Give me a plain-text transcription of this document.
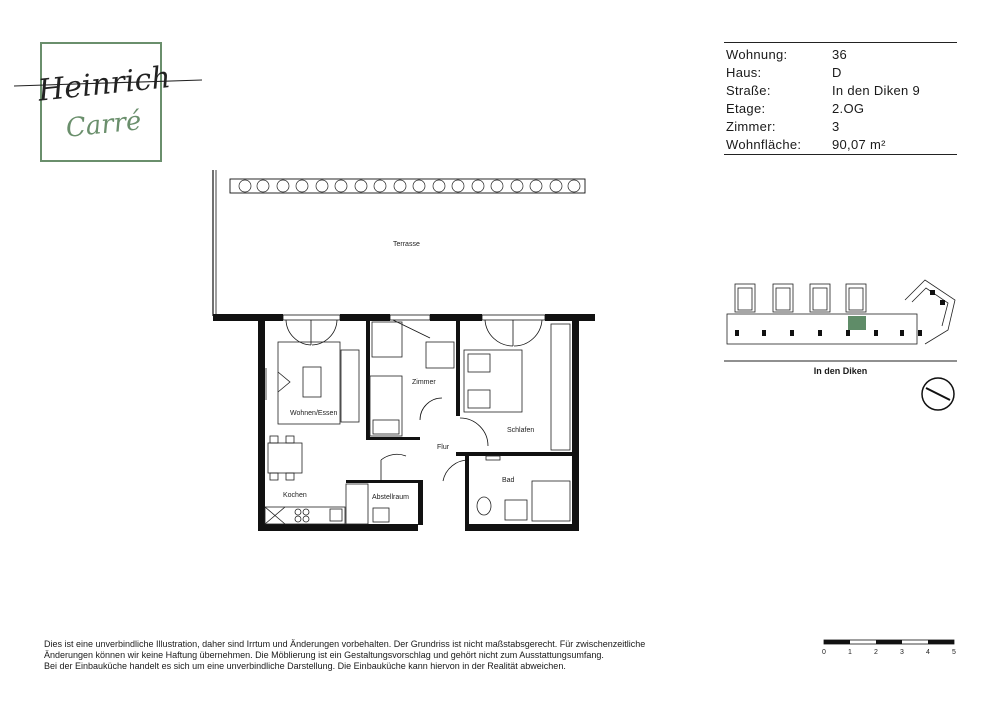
Heinrich
Carré
Wohnung:	36
Haus:	D
Straße:	In den Diken 9
Etage:	2.OG
Zimmer:	3
Wohnfläche:	90,07 m²
Terrasse
Wohnen/Essen
Zimmer
Schlafen
Flur
Kochen	Abstellraum
Bad
In den Diken
Dies ist eine unverbindliche Illustration, daher sind Irrtum und Änderungen vorbehalten. Der Grundriss ist nicht maßstabsgerecht. Für zwischenzeitliche
Änderungen können wir keine Haftung übernehmen. Die Möblierung ist ein Gestaltungsvorschlag und gehört nicht zum Ausstattungsumfang.
Bei der Einbauküche handelt es sich um eine unverbindliche Darstellung. Die Einbauküche kann hiervon in der Realität abweichen.
0	1	2	3	4	5
